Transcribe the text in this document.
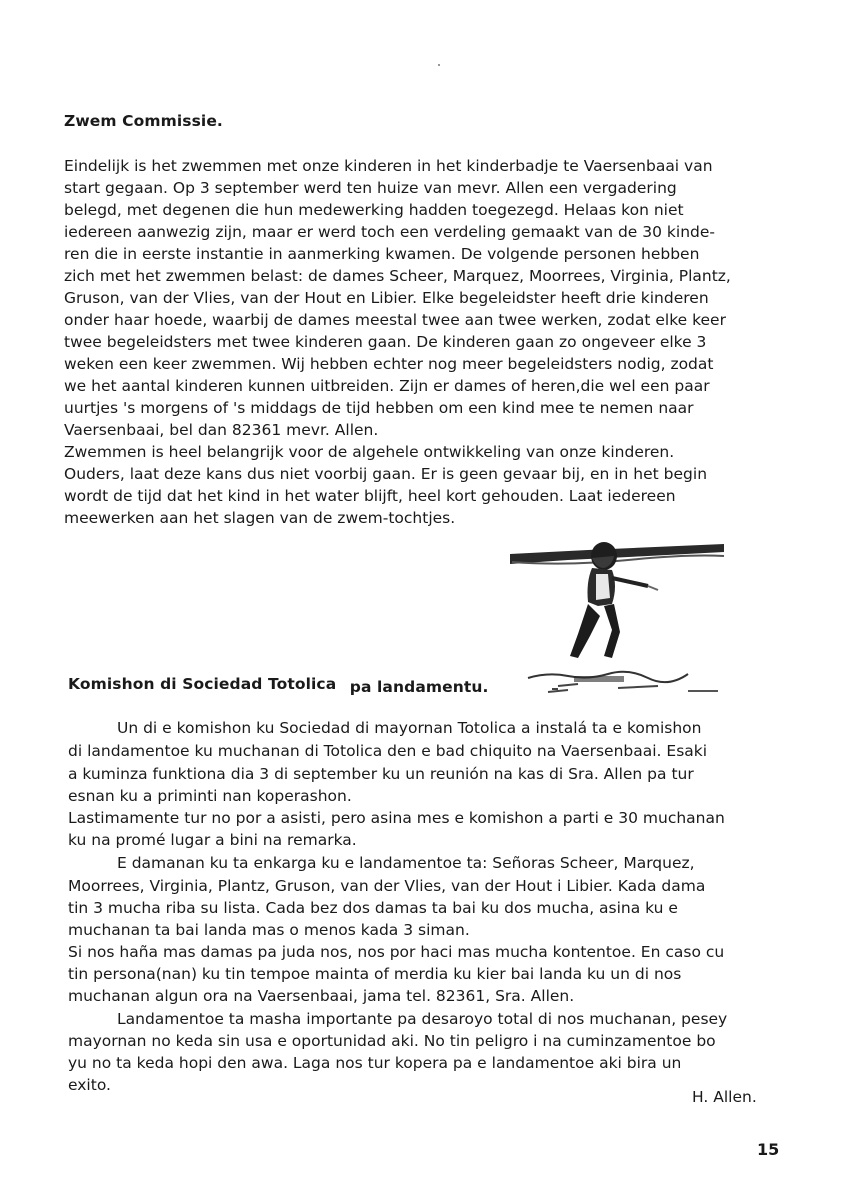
Zwem Commissie.
Eindelijk is het zwemmen met onze kinderen in het kinderbadje te Vaersenbaai van
start gegaan. Op 3 september werd ten huize van mevr. Allen een vergadering
belegd, met degenen die hun medewerking hadden toegezegd. Helaas kon niet
iedereen aanwezig zijn, maar er werd toch een verdeling gemaakt van de 30 kinde-
ren die in eerste instantie in aanmerking kwamen. De volgende personen hebben
zich met het zwemmen belast: de dames Scheer, Marquez, Moorrees, Virginia, Plantz,
Gruson, van der Vlies, van der Hout en Libier. Elke begeleidster heeft drie kinderen
onder haar hoede, waarbij de dames meestal twee aan twee werken, zodat elke keer
twee begeleidsters met twee kinderen gaan. De kinderen gaan zo ongeveer elke 3
weken een keer zwemmen. Wij hebben echter nog meer begeleidsters nodig, zodat
we het aantal kinderen kunnen uitbreiden. Zijn er dames of heren,die wel een paar
uurtjes 's morgens of 's middags de tijd hebben om een kind mee te nemen naar
Vaersenbaai, bel dan 82361 mevr. Allen.
Zwemmen is heel belangrijk voor de algehele ontwikkeling van onze kinderen.
Ouders, laat deze kans dus niet voorbij gaan. Er is geen gevaar bij, en in het begin
wordt de tijd dat het kind in het water blijft, heel kort gehouden. Laat iedereen
meewerken aan het slagen van de zwem-tochtjes.
Komishon di Sociedad Totolica pa landamentu.
Un di e komishon ku Sociedad di mayornan Totolica a instalá ta e komishon
di landamentoe ku muchanan di Totolica den e bad chiquito na Vaersenbaai. Esaki
a kuminza funktiona dia 3 di september ku un reunión na kas di Sra. Allen pa tur
esnan ku a priminti nan koperashon.
Lastimamente tur no por a asisti, pero asina mes e komishon a parti e 30 muchanan
ku na promé lugar a bini na remarka.
E damanan ku ta enkarga ku e landamentoe ta: Señoras Scheer, Marquez,
Moorrees, Virginia, Plantz, Gruson, van der Vlies, van der Hout i Libier. Kada dama
tin 3 mucha riba su lista. Cada bez dos damas ta bai ku dos mucha, asina ku e
muchanan ta bai landa mas o menos kada 3 siman.
Si nos haña mas damas pa juda nos, nos por haci mas mucha kontentoe. En caso cu
tin persona(nan) ku tin tempoe mainta of merdia ku kier bai landa ku un di nos
muchanan algun ora na Vaersenbaai, jama tel. 82361, Sra. Allen.
Landamentoe ta masha importante pa desaroyo total di nos muchanan, pesey
mayornan no keda sin usa e oportunidad aki. No tin peligro i na cuminzamentoe bo
yu no ta keda hopi den awa. Laga nos tur kopera pa e landamentoe aki bira un
exito.
H. Allen.
15
